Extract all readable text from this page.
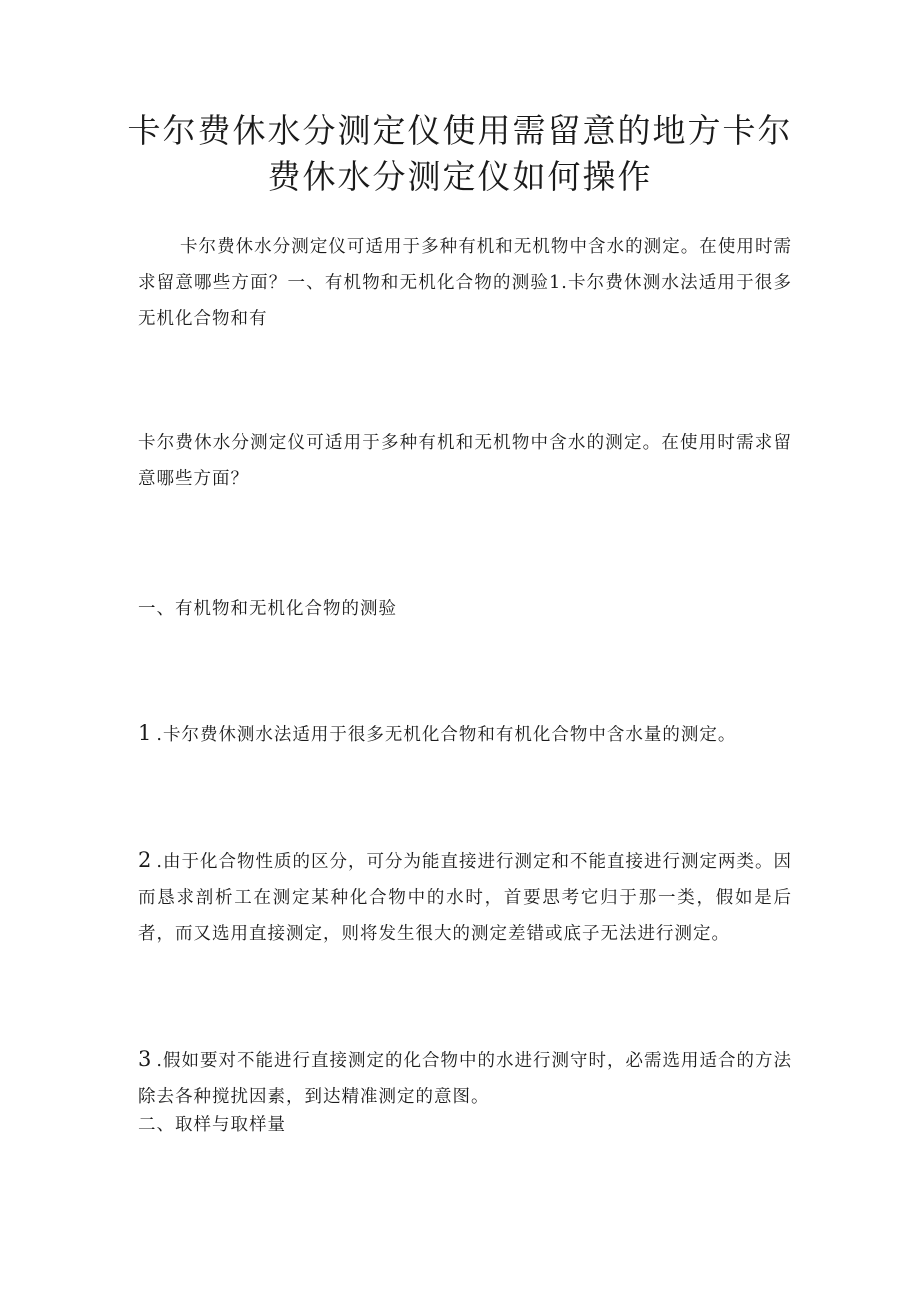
卡尔费休水分测定仪使用需留意的地方卡尔费休水分测定仪如何操作

卡尔费休水分测定仪可适用于多种有机和无机物中含水的测定。在使用时需求留意哪些方面？一、有机物和无机化合物的测验1.卡尔费休测水法适用于很多无机化合物和有

卡尔费休水分测定仪可适用于多种有机和无机物中含水的测定。在使用时需求留意哪些方面？

一、有机物和无机化合物的测验

1 .卡尔费休测水法适用于很多无机化合物和有机化合物中含水量的测定。

2 .由于化合物性质的区分，可分为能直接进行测定和不能直接进行测定两类。因而恳求剖析工在测定某种化合物中的水时，首要思考它归于那一类，假如是后者，而又选用直接测定，则将发生很大的测定差错或底子无法进行测定。

3 .假如要对不能进行直接测定的化合物中的水进行测守时，必需选用适合的方法除去各种搅扰因素，到达精准测定的意图。

二、取样与取样量
